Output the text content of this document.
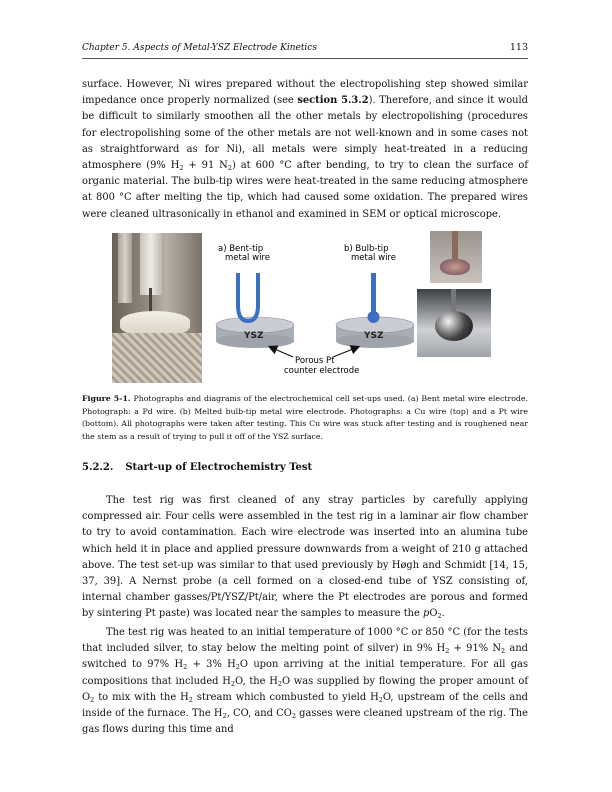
Chapter 5. Aspects of Metal-YSZ Electrode Kinetics	113

surface. However, Ni wires prepared without the electropolishing step showed similar impedance once properly normalized (see section 5.3.2). Therefore, and since it would be difficult to similarly smoothen all the other metals by electropolishing (procedures for electropolishing some of the other metals are not well-known and in some cases not as straightforward as for Ni), all metals were simply heat-treated in a reducing atmosphere (9% $H_2 + 91$ $N_2$) at 600 °C after bending, to try to clean the surface of organic material. The bulb-tip wires were heat-treated in the same reducing atmosphere at 800 °C after melting the tip, which had caused some oxidation. The prepared wires were cleaned ultrasonically in ethanol and examined in SEM or optical microscope.

a) Bent-tip
metal wire
b) Bulb-tip
metal wire
YSZ	YSZ
Porous Pt
counter electrode

Figure 5-1. Photographs and diagrams of the electrochemical cell set-ups used. (a) Bent metal wire electrode. Photograph: a Pd wire. (b) Melted bulb-tip metal wire electrode. Photographs: a Cu wire (top) and a Pt wire (bottom). All photographs were taken after testing. This Cu wire was stuck after testing and is roughened near the stem as a result of trying to pull it off of the YSZ surface.

5.2.2. Start-up of Electrochemistry Test

The test rig was first cleaned of any stray particles by carefully applying compressed air. Four cells were assembled in the test rig in a laminar air flow chamber to try to avoid contamination. Each wire electrode was inserted into an alumina tube which held it in place and applied pressure downwards from a weight of 210 g attached above. The test set-up was similar to that used previously by Høgh and Schmidt [14, 15, 37, 39]. A Nernst probe (a cell formed on a closed-end tube of YSZ consisting of, internal chamber gasses/Pt/YSZ/Pt/air, where the Pt electrodes are porous and formed by sintering Pt paste) was located near the samples to measure the $pO_2$.

The test rig was heated to an initial temperature of 1000 °C or 850 °C (for the tests that included silver, to stay below the melting point of silver) in 9% $H_2 + 91\%$ $N_2$ and switched to 97% $H_2 + 3\%$ $H_2O$ upon arriving at the initial temperature. For all gas compositions that included $H_2O$, the $H_2O$ was supplied by flowing the proper amount of $O_2$ to mix with the $H_2$ stream which combusted to yield $H_2O$, upstream of the cells and inside of the furnace. The $H_2$, CO, and $CO_2$ gasses were cleaned upstream of the rig. The gas flows during this time and
